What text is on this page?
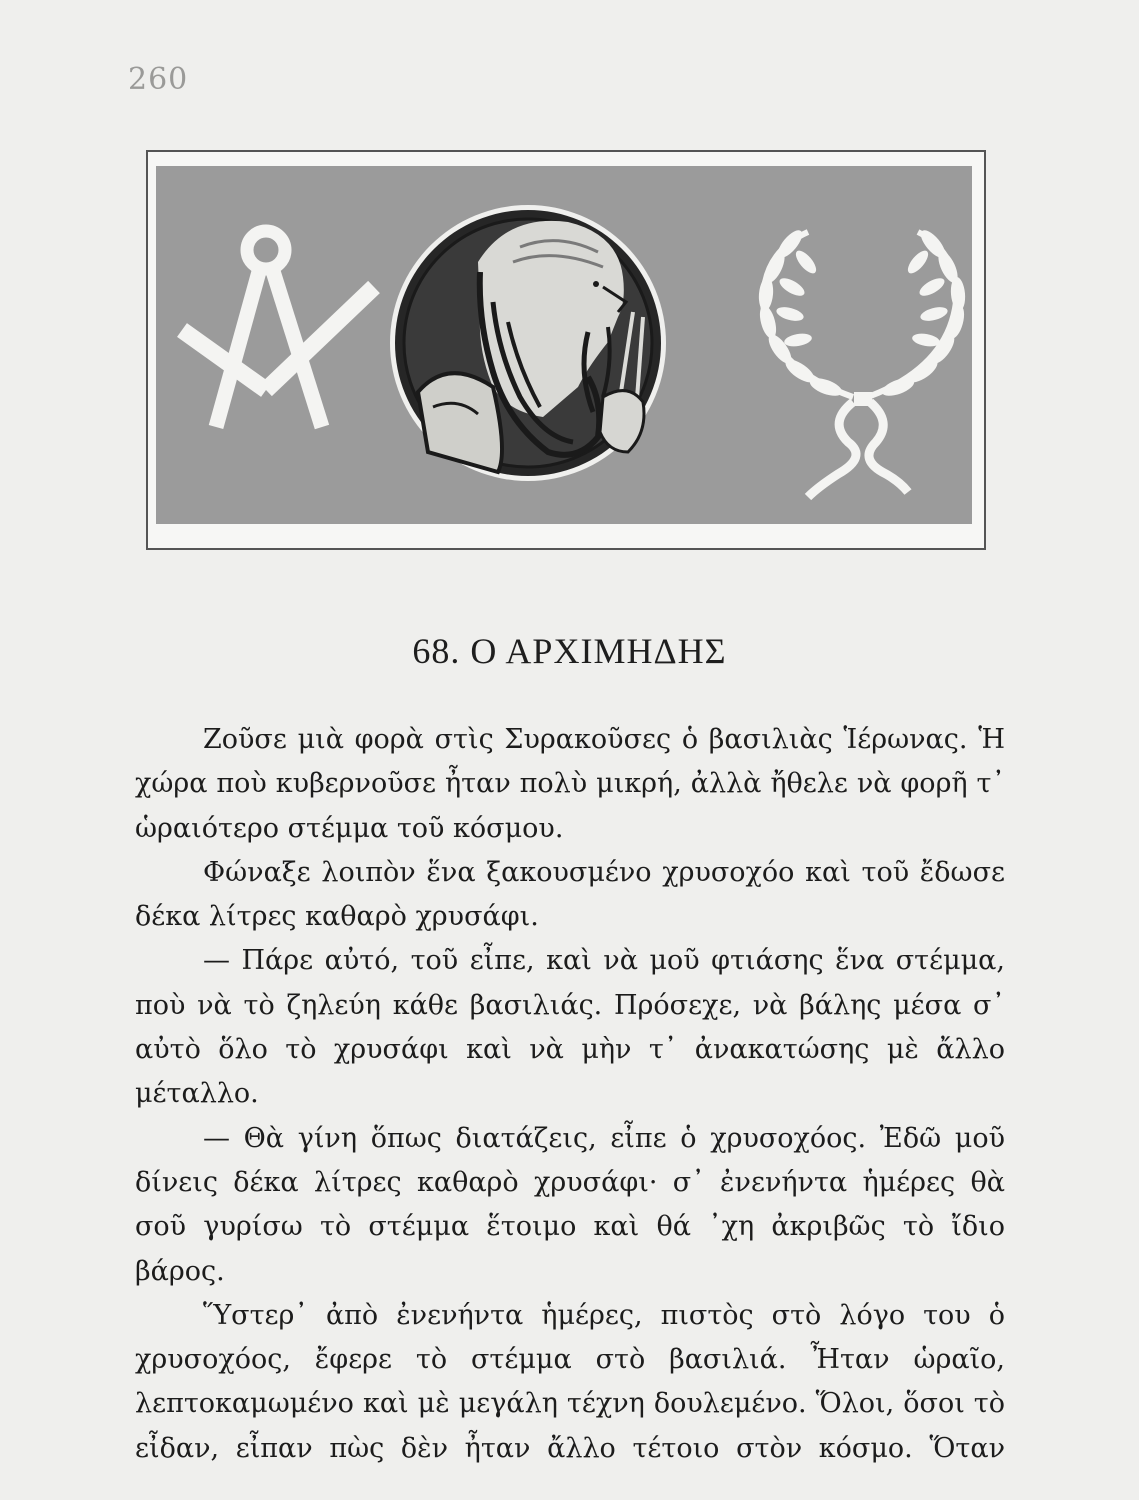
260
68. Ο ΑΡΧΙΜΗΔΗΣ

Ζοῦσε μιὰ φορὰ στὶς Συρακοῦσες ὁ βασιλιὰς Ἱέρωνας. Ἡ χώρα ποὺ κυβερνοῦσε ἦταν πολὺ μικρή, ἀλλὰ ἤθελε νὰ φορῆ τ᾽ ὡραιότερο στέμμα τοῦ κόσμου.

Φώναξε λοιπὸν ἕνα ξακουσμένο χρυσοχόο καὶ τοῦ ἔδωσε δέκα λίτρες καθαρὸ χρυσάφι.

— Πάρε αὐτό, τοῦ εἶπε, καὶ νὰ μοῦ φτιάσης ἕνα στέμμα, ποὺ νὰ τὸ ζηλεύη κάθε βασιλιάς. Πρόσεχε, νὰ βάλης μέσα σ᾽ αὐτὸ ὅλο τὸ χρυσάφι καὶ νὰ μὴν τ᾽ ἀνακατώσης μὲ ἄλλο μέταλλο.

— Θὰ γίνη ὅπως διατάζεις, εἶπε ὁ χρυσοχόος. Ἐδῶ μοῦ δίνεις δέκα λίτρες καθαρὸ χρυσάφι· σ᾽ ἐνενήντα ἡμέρες θὰ σοῦ γυρίσω τὸ στέμμα ἕτοιμο καὶ θά ᾽χη ἀκριβῶς τὸ ἴδιο βάρος.

Ὕστερ᾽ ἀπὸ ἐνενήντα ἡμέρες, πιστὸς στὸ λόγο του ὁ χρυσοχόος, ἔφερε τὸ στέμμα στὸ βασιλιά. Ἦταν ὡραῖο, λεπτοκαμωμένο καὶ μὲ μεγάλη τέχνη δουλεμένο. Ὅλοι, ὅσοι τὸ εἶδαν, εἶπαν πὼς δὲν ἦταν ἄλλο τέτοιο στὸν κόσμο. Ὅταν
